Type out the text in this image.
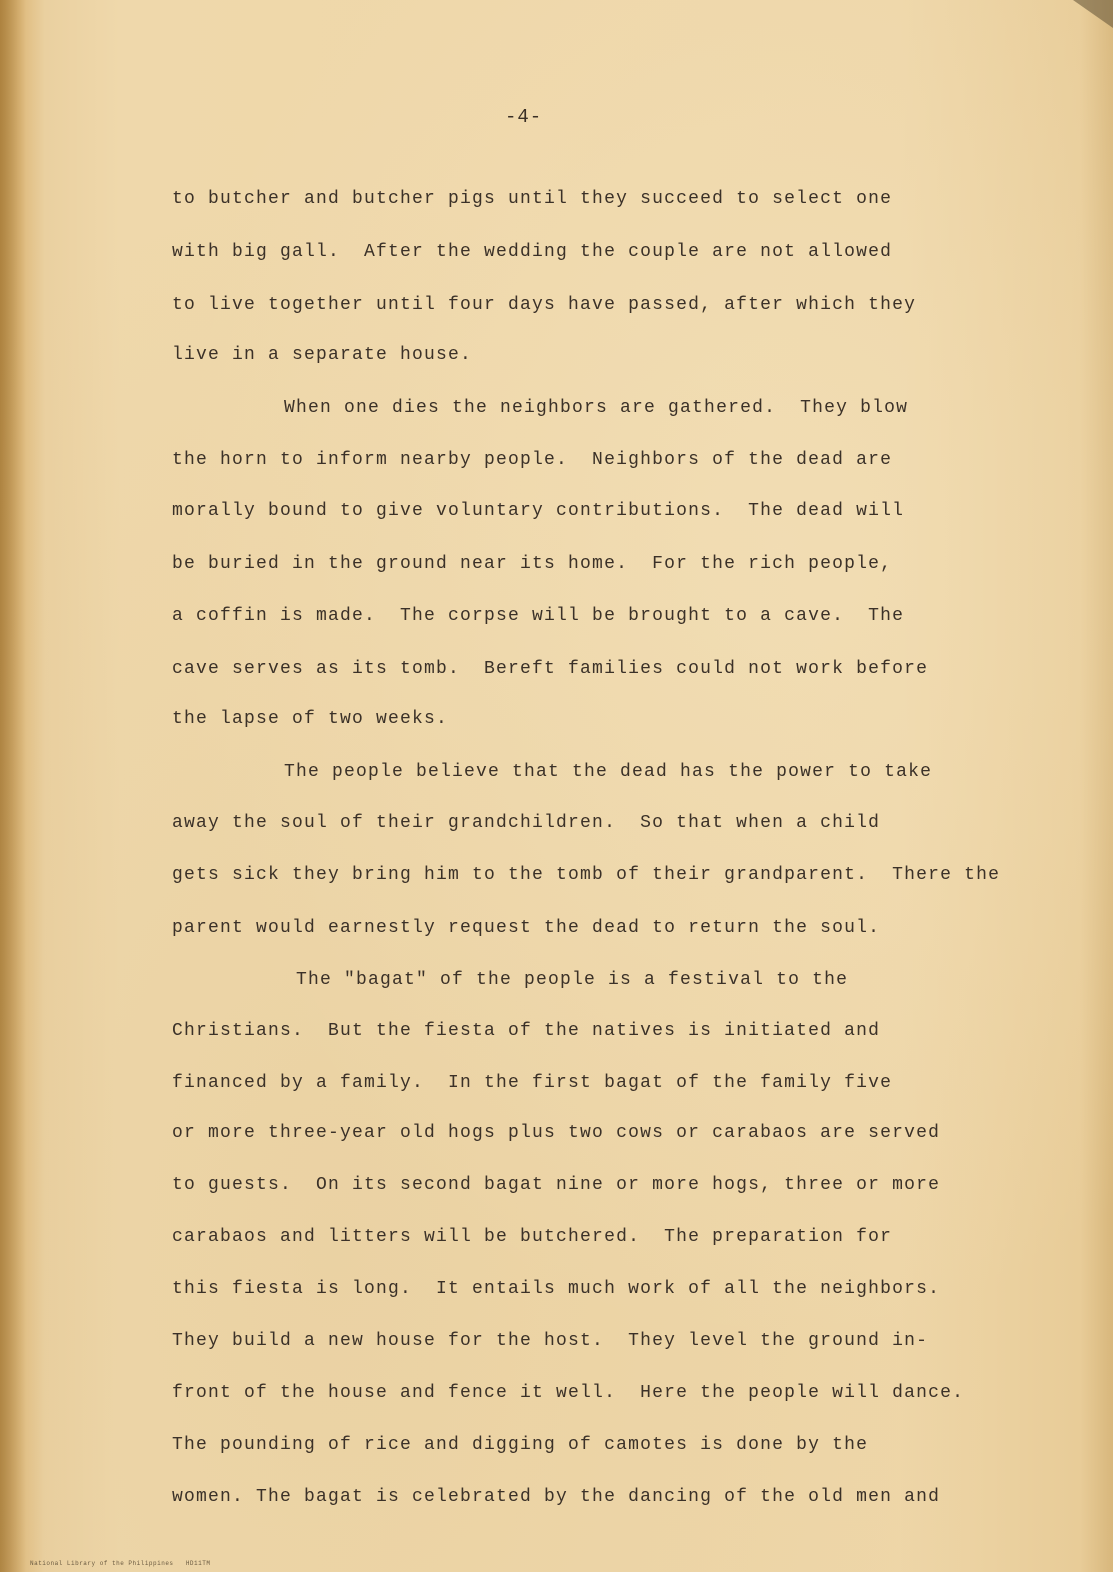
-4-
to butcher and butcher pigs until they succeed to select one
with big gall.  After the wedding the couple are not allowed
to live together until four days have passed, after which they
live in a separate house.
When one dies the neighbors are gathered.  They blow
the horn to inform nearby people.  Neighbors of the dead are
morally bound to give voluntary contributions.  The dead will
be buried in the ground near its home.  For the rich people,
a coffin is made.  The corpse will be brought to a cave.  The
cave serves as its tomb.  Bereft families could not work before
the lapse of two weeks.
The people believe that the dead has the power to take
away the soul of their grandchildren.  So that when a child
gets sick they bring him to the tomb of their grandparent.  There the
parent would earnestly request the dead to return the soul.
The "bagat" of the people is a festival to the
Christians.  But the fiesta of the natives is initiated and
financed by a family.  In the first bagat of the family five
or more three-year old hogs plus two cows or carabaos are served
to guests.  On its second bagat nine or more hogs, three or more
carabaos and litters will be butchered.  The preparation for
this fiesta is long.  It entails much work of all the neighbors.
They build a new house for the host.  They level the ground in-
front of the house and fence it well.  Here the people will dance.
The pounding of rice and digging of camotes is done by the
women. The bagat is celebrated by the dancing of the old men and
National Library of the Philippines   HD11TM
